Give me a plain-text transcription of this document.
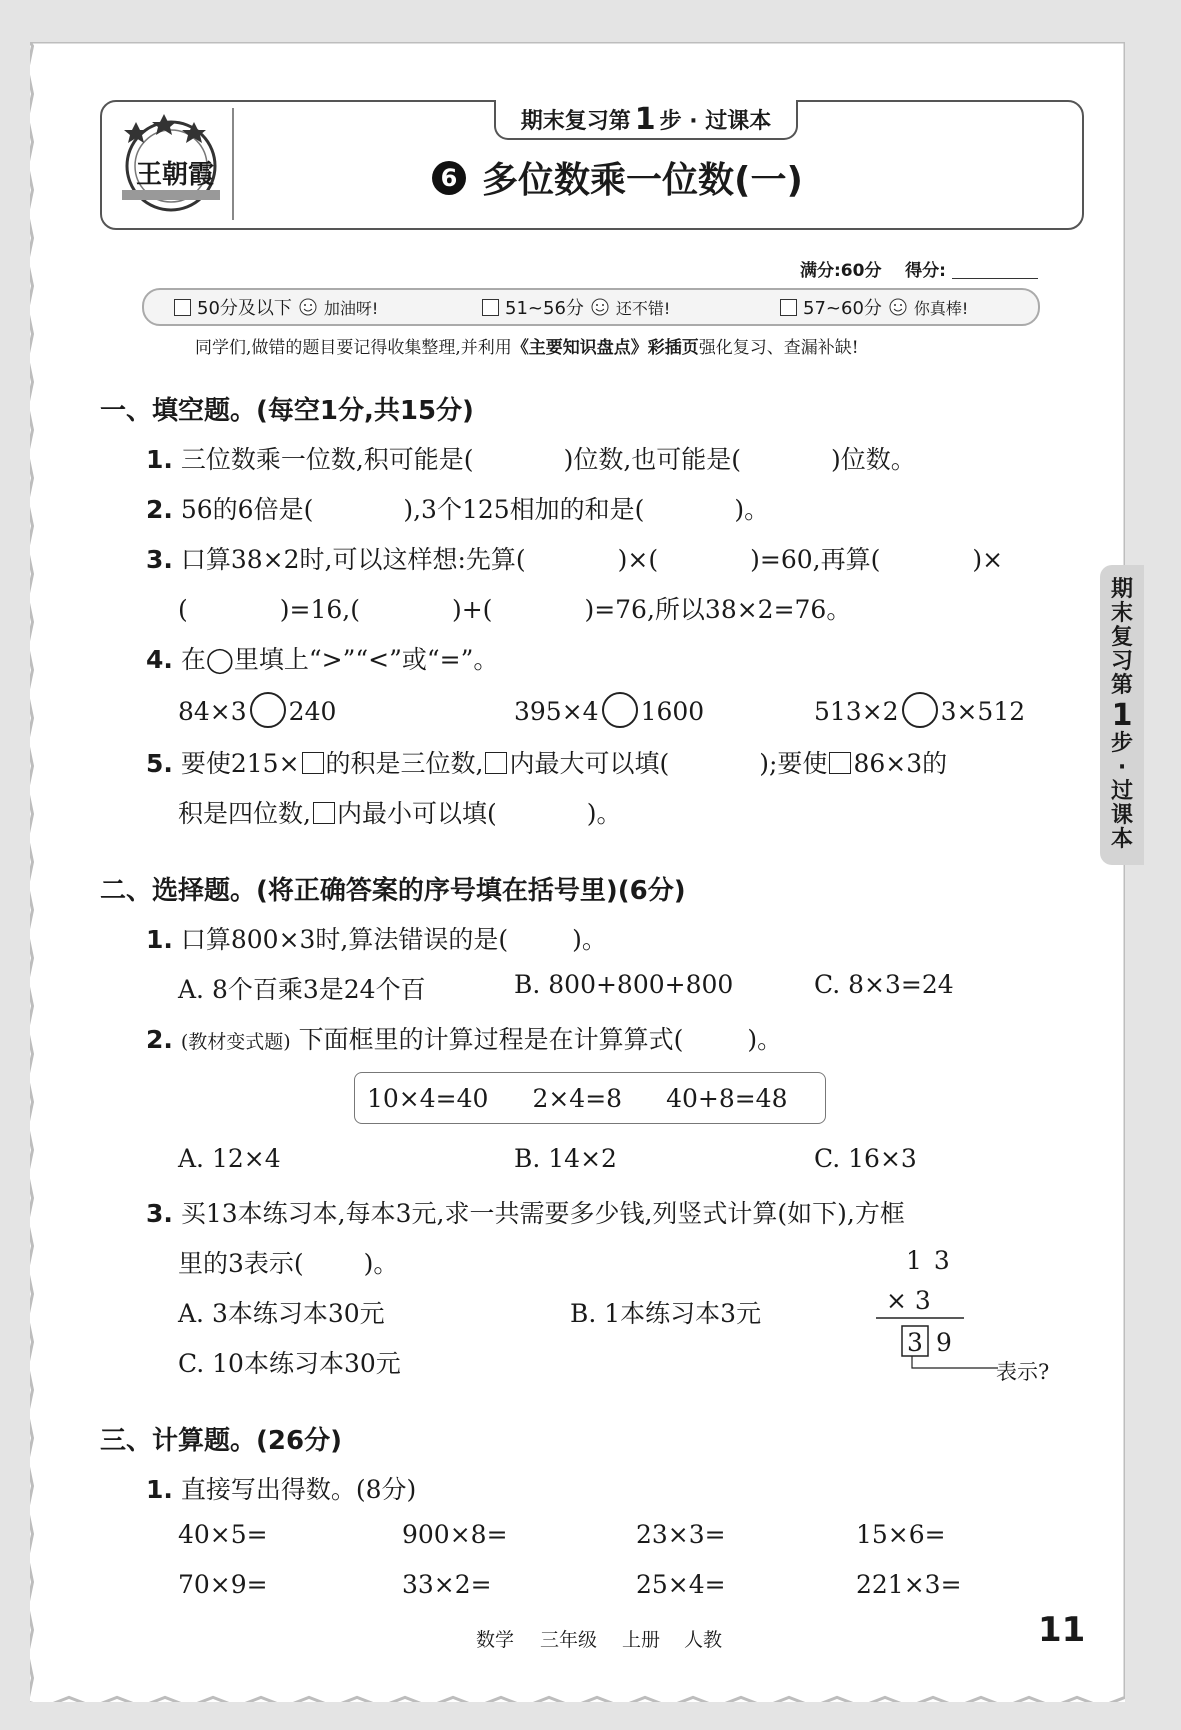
王朝霞
期末复习第 1 步 · 过课本
6 多位数乘一位数(一)
满分:60分 得分:
50分及以下 加油呀!	51~56分 还不错!	57~60分 你真棒!
同学们,做错的题目要记得收集整理,并利用《主要知识盘点》彩插页强化复习、查漏补缺!
期
末
复
习
第
1
步
·
过
课
本
一、填空题。(每空1分,共15分)
1. 三位数乘一位数,积可能是(	)位数,也可能是(	)位数。
2. 56的6倍是(	),3个125相加的和是(	)。
3. 口算38×2时,可以这样想:先算(	)×(	)=60,再算(	)×
(	)=16,(	)+(	)=76,所以38×2=76。
4. 在◯里填上“>”“<”或“=”。
84×3 240	395×4 1600	513×2 3×512
5. 要使215× 的积是三位数, 内最大可以填(	);要使 86×3的
积是四位数, 内最小可以填(	)。
二、选择题。(将正确答案的序号填在括号里)(6分)
1. 口算800×3时,算法错误的是(	)。
A. 8个百乘3是24个百	B. 800+800+800	C. 8×3=24
2. (教材变式题) 下面框里的计算过程是在计算算式(	)。
10×4=40 2×4=8 40+8=48
A. 12×4	B. 14×2	C. 16×3
3. 买13本练习本,每本3元,求一共需要多少钱,列竖式计算(如下),方框
里的3表示( )。
A. 3本练习本30元	B. 1本练习本3元
C. 10本练习本30元
1 3
× 3
3 9
表示?
三、计算题。(26分)
1. 直接写出得数。(8分)
40×5=	900×8=	23×3=	15×6=
70×9=	33×2=	25×4=	221×3=
数学 三年级 上册 人教	11
